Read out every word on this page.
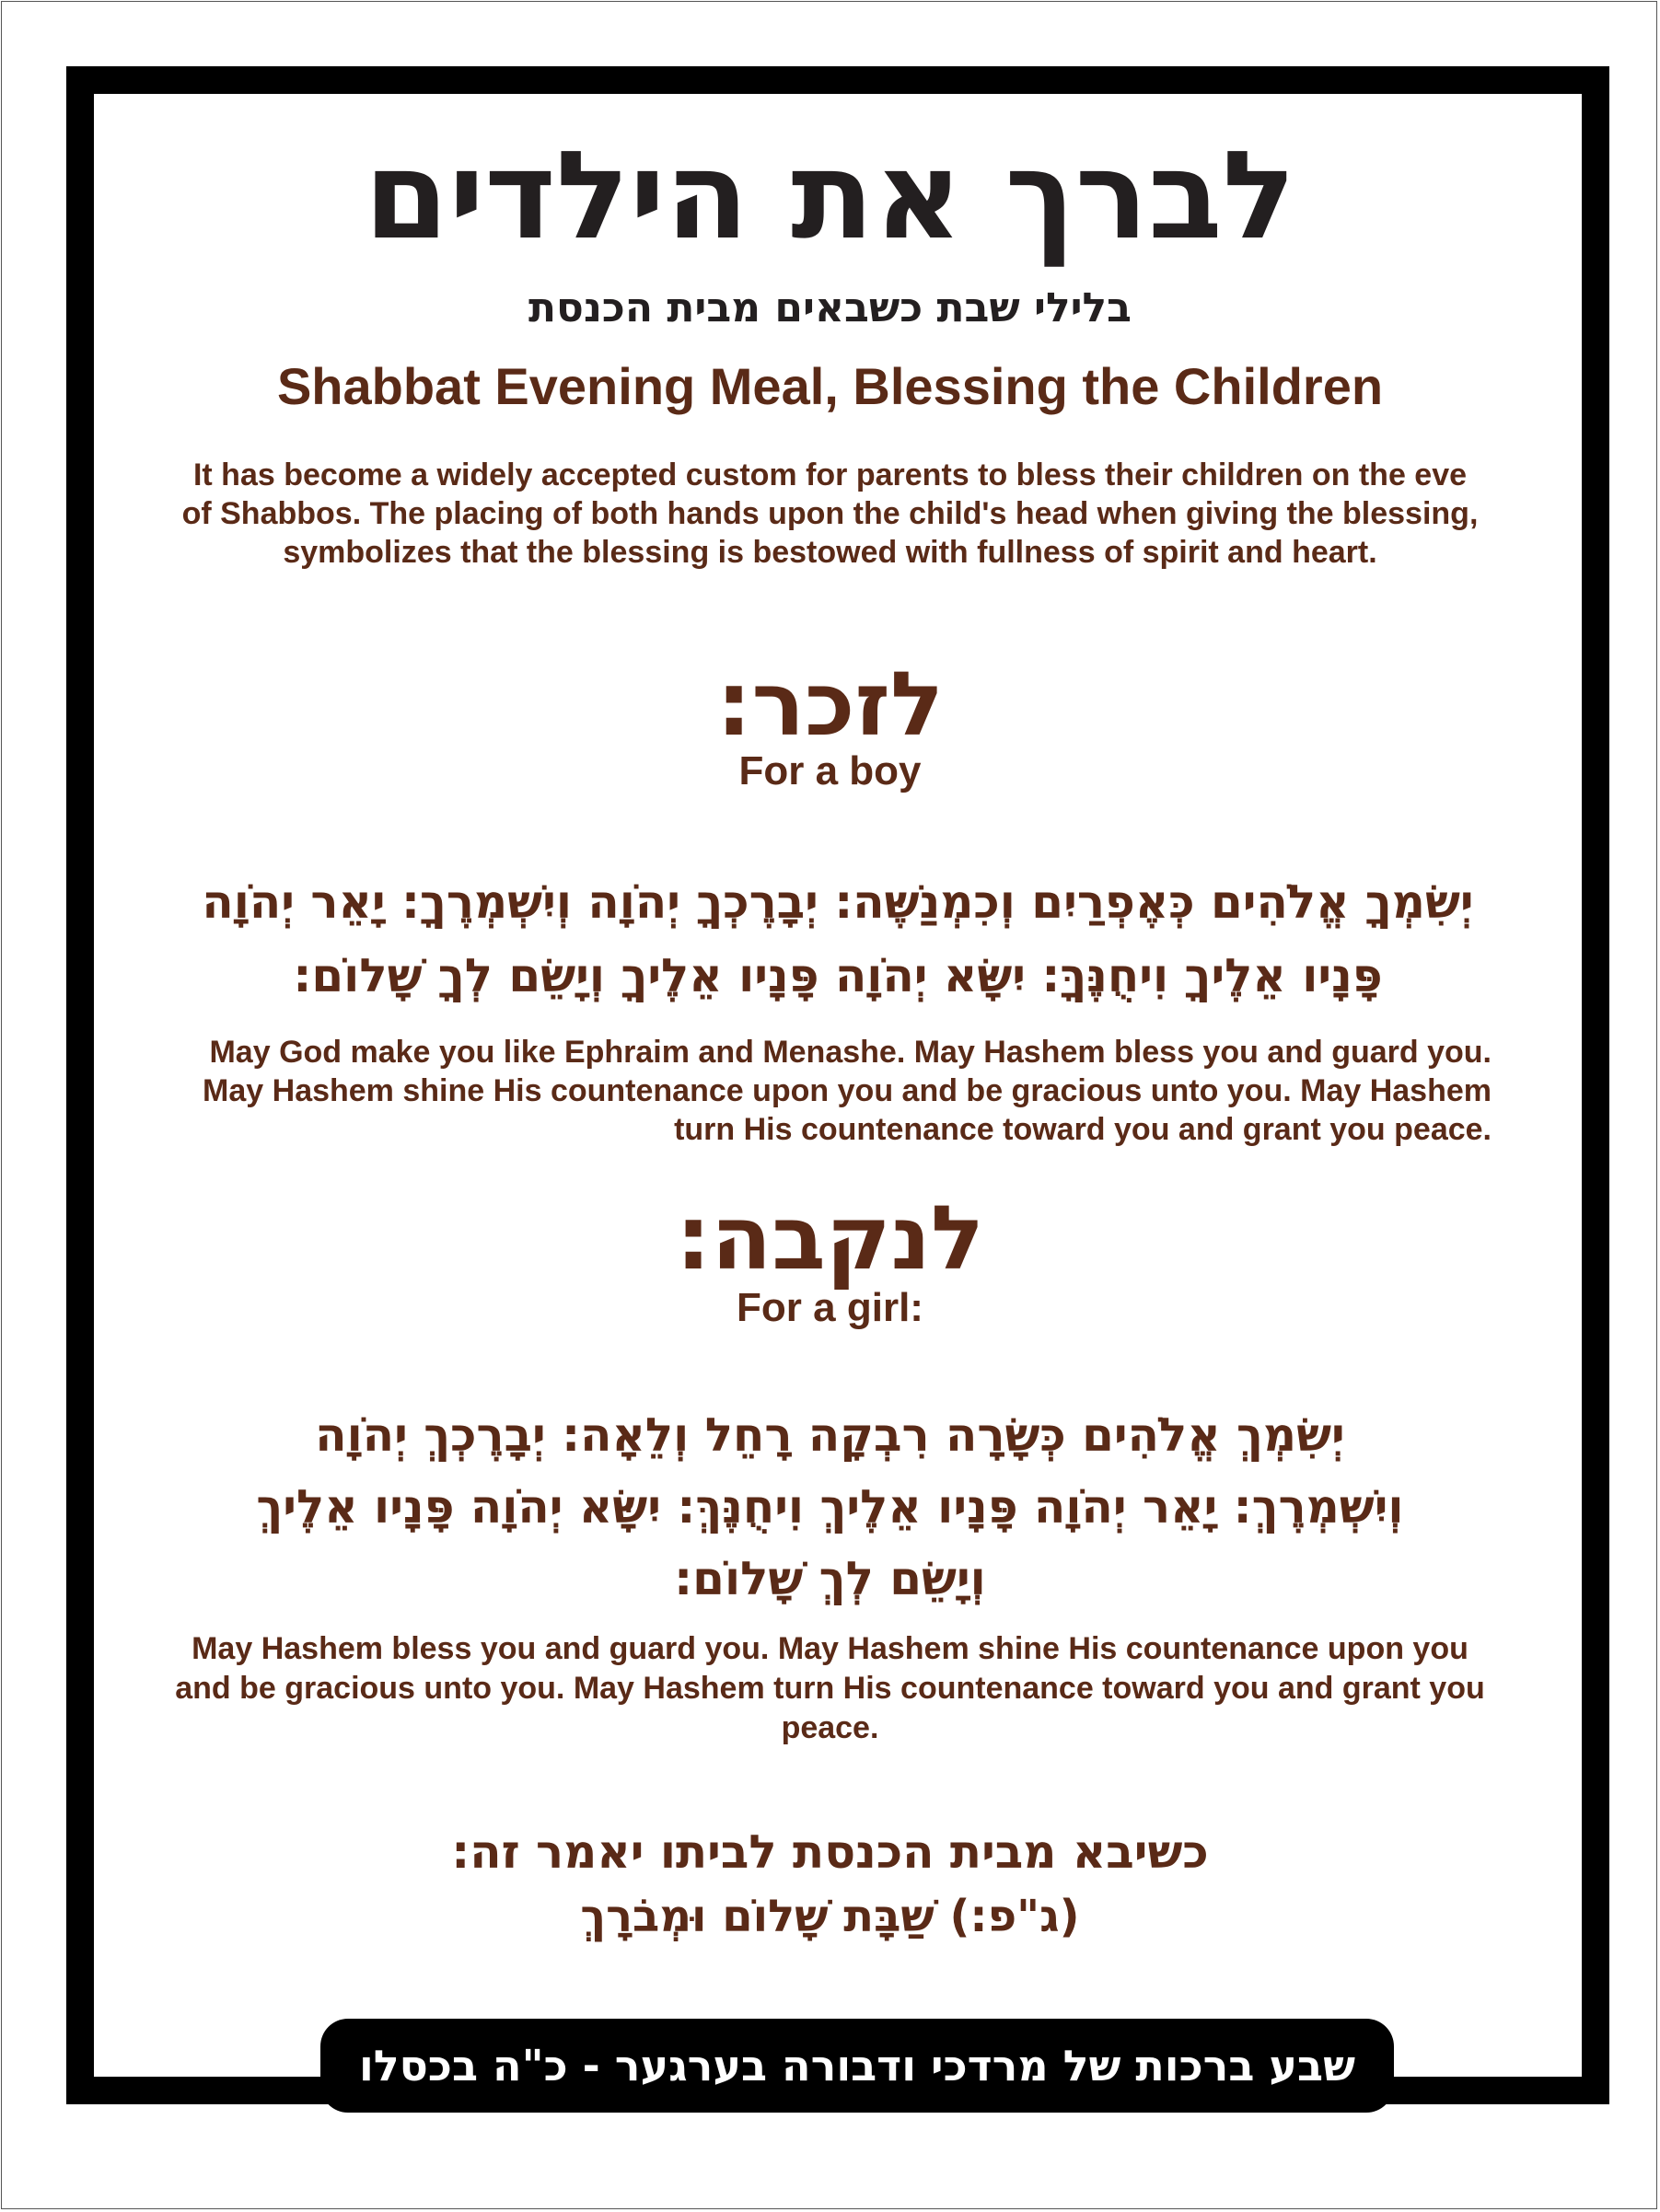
לברך את הילדים
בלילי שבת כשבאים מבית הכנסת
Shabbat Evening Meal, Blessing the Children

It has become a widely accepted custom for parents to bless their children on the eve of Shabbos. The placing of both hands upon the child's head when giving the blessing, symbolizes that the blessing is bestowed with fullness of spirit and heart.

לזכר:
For a boy

יְשִׂמְךָ אֱלֹהִים כְּאֶפְרַיִם וְכִמְנַשֶּׁה: יְבָרֶכְךָ יְהֹוָה וְיִשְׁמְרֶךָ: יָאֵר יְהֹוָה פָּנָיו אֵלֶיךָ וִיחֻנֶּךָּ: יִשָּׂא יְהֹוָה פָּנָיו אֵלֶיךָ וְיָשֵׂם לְךָ שָׁלוֹם:

May God make you like Ephraim and Menashe. May Hashem bless you and guard you. May Hashem shine His countenance upon you and be gracious unto you. May Hashem turn His countenance toward you and grant you peace.

לנקבה:
For a girl:

יְשִׂמְךְ אֱלֹהִים כְּשָׂרָה רִבְקָה רָחֵל וְלֵאָה: יְבָרֶכְךְ יְהֹוָה וְיִשְׁמְרֶךְ: יָאֵר יְהֹוָה פָּנָיו אֵלֶיךְ וִיחֻנֶּךְּ: יִשָּׂא יְהֹוָה פָּנָיו אֵלֶיךְ וְיָשֵׂם לְךְ שָׁלוֹם:

May Hashem bless you and guard you. May Hashem shine His countenance upon you and be gracious unto you. May Hashem turn His countenance toward you and grant you peace.

כשיבא מבית הכנסת לביתו יאמר זה:
(ג"פ:) שַׁבָּת שָׁלוֹם וּמְבֹרָךְ
שבע ברכות של מרדכי ודבורה בערגער - כ"ה בכסלו תשפה
